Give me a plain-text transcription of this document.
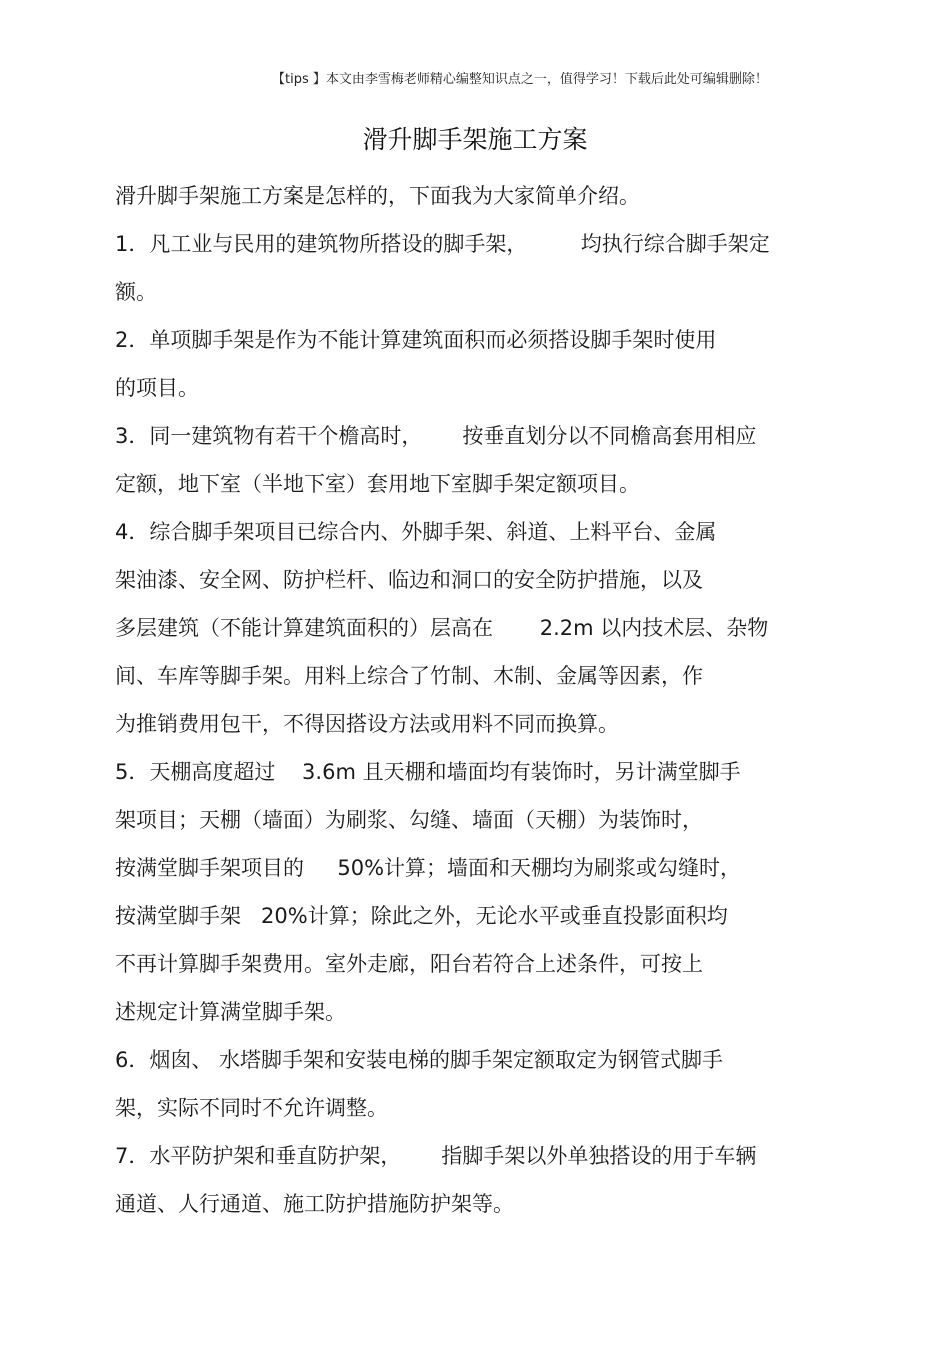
【tips 】本文由李雪梅老师精心编整知识点之一，值得学习！下载后此处可编辑删除！
滑升脚手架施工方案
滑升脚手架施工方案是怎样的，下面我为大家简单介绍。
1．凡工业与民用的建筑物所搭设的脚手架，        均执行综合脚手架定
额。
2．单项脚手架是作为不能计算建筑面积而必须搭设脚手架时使用
的项目。
3．同一建筑物有若干个檐高时，      按垂直划分以不同檐高套用相应
定额，地下室（半地下室）套用地下室脚手架定额项目。
4．综合脚手架项目已综合内、外脚手架、斜道、上料平台、金属
架油漆、安全网、防护栏杆、临边和洞口的安全防护措施，以及
多层建筑（不能计算建筑面积的）层高在       2.2m 以内技术层、杂物
间、车库等脚手架。用料上综合了竹制、木制、金属等因素，作
为推销费用包干，不得因搭设方法或用料不同而换算。
5．天棚高度超过    3.6m 且天棚和墙面均有装饰时，另计满堂脚手
架项目；天棚（墙面）为刷浆、勾缝、墙面（天棚）为装饰时，
按满堂脚手架项目的     50%计算；墙面和天棚均为刷浆或勾缝时，
按满堂脚手架   20%计算；除此之外，无论水平或垂直投影面积均
不再计算脚手架费用。室外走廊，阳台若符合上述条件，可按上
述规定计算满堂脚手架。
6．烟囱、 水塔脚手架和安装电梯的脚手架定额取定为钢管式脚手
架，实际不同时不允许调整。
7．水平防护架和垂直防护架，      指脚手架以外单独搭设的用于车辆
通道、人行通道、施工防护措施防护架等。
